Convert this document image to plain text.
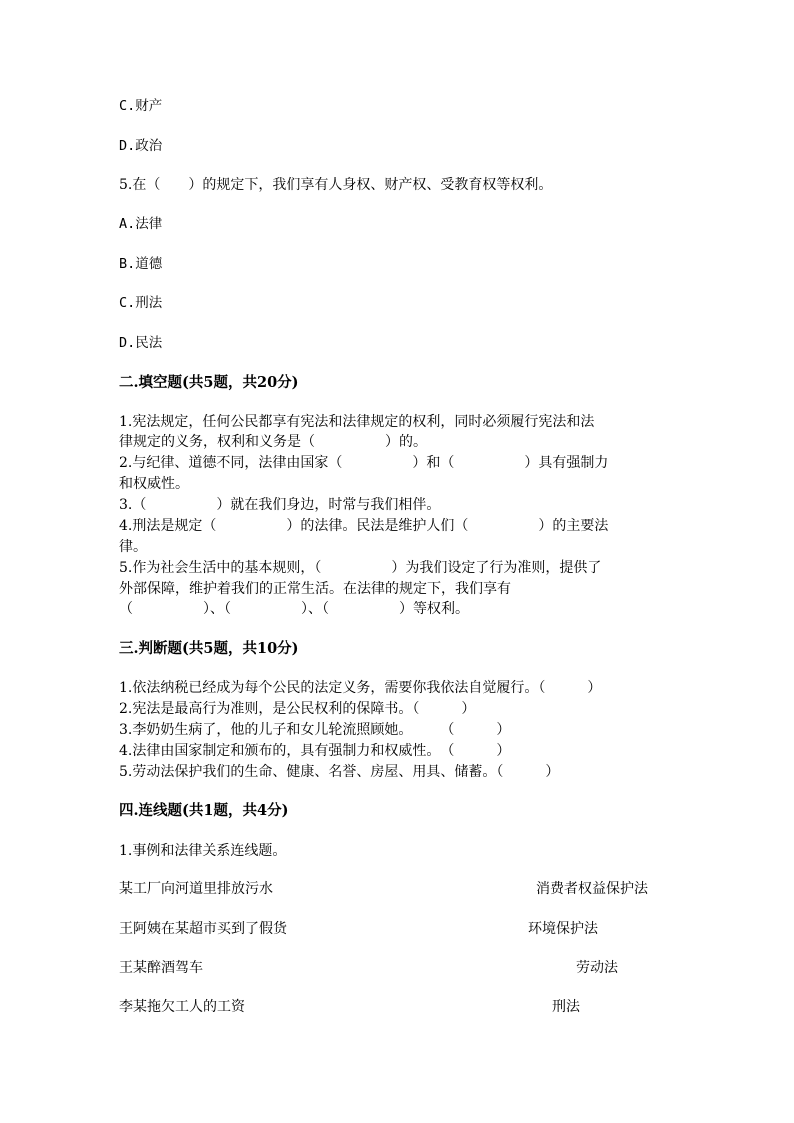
C.财产
D.政治
5.在（　　）的规定下，我们享有人身权、财产权、受教育权等权利。
A.法律
B.道德
C.刑法
D.民法
二.填空题(共5题，共20分)
1.宪法规定，任何公民都享有宪法和法律规定的权利，同时必须履行宪法和法
律规定的义务，权利和义务是（　　　　　）的。
2.与纪律、道德不同，法律由国家（　　　　　）和（　　　　　）具有强制力
和权威性。
3.（　　　　　）就在我们身边，时常与我们相伴。
4.刑法是规定（　　　　　）的法律。民法是维护人们（　　　　　）的主要法
律。
5.作为社会生活中的基本规则，（　　　　　）为我们设定了行为准则，提供了
外部保障，维护着我们的正常生活。在法律的规定下，我们享有
（　　　　　）、（　　　　　）、（　　　　　）等权利。
三.判断题(共5题，共10分)
1.依法纳税已经成为每个公民的法定义务，需要你我依法自觉履行。（　　　）
2.宪法是最高行为准则，是公民权利的保障书。（　　　）
3.李奶奶生病了，他的儿子和女儿轮流照顾她。　　　（　　　）
4.法律由国家制定和颁布的，具有强制力和权威性。　（　　　）
5.劳动法保护我们的生命、健康、名誉、房屋、用具、储蓄。（　　　）
四.连线题(共1题，共4分)
1.事例和法律关系连线题。
某工厂向河道里排放污水
王阿姨在某超市买到了假货
王某醉酒驾车
李某拖欠工人的工资
消费者权益保护法
环境保护法
劳动法
刑法
